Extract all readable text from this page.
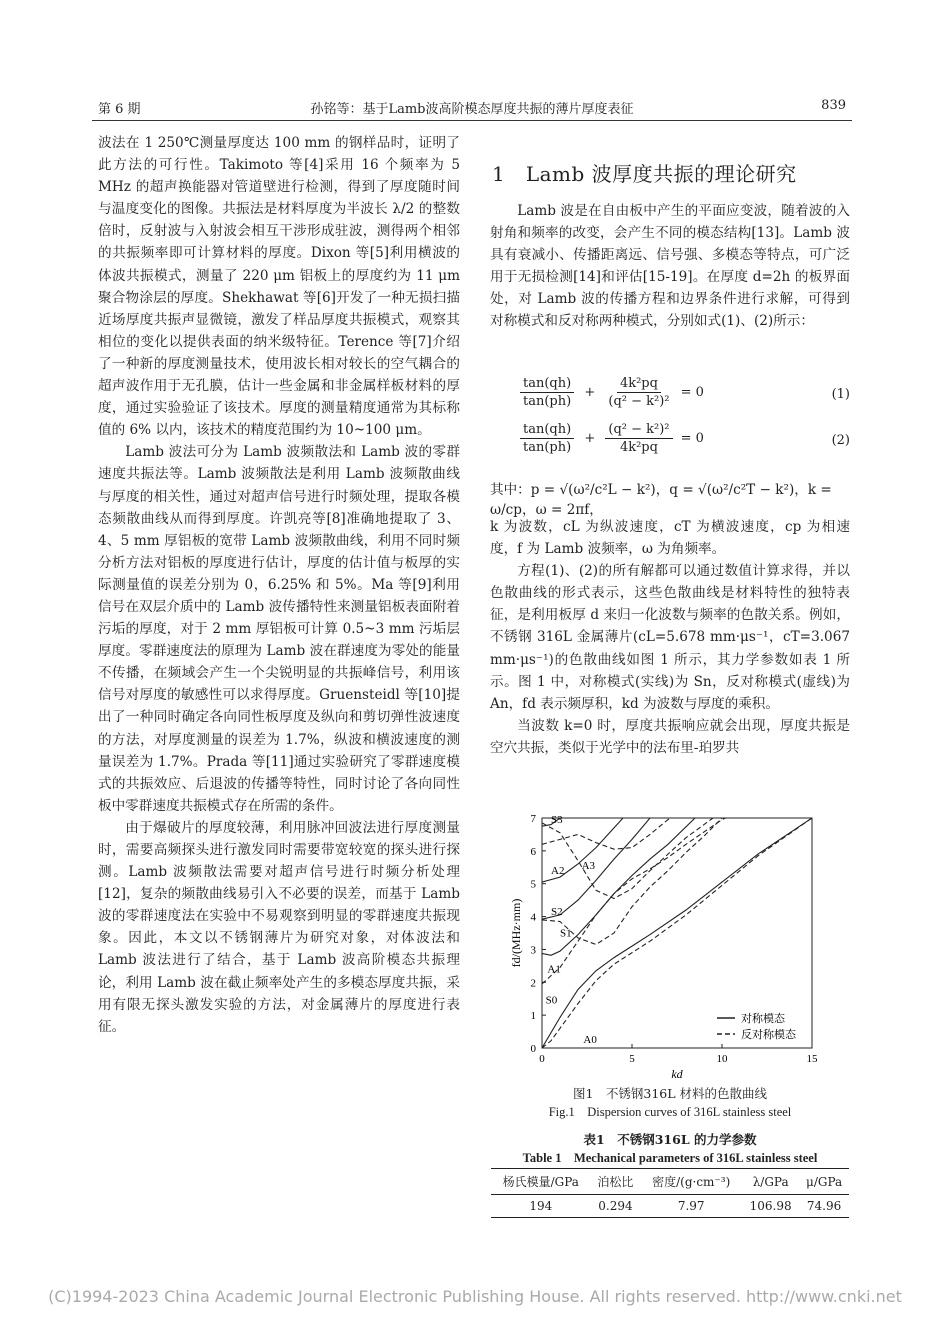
第 6 期	孙铭等：基于Lamb波高阶模态厚度共振的薄片厚度表征	839

波法在 1 250℃测量厚度达 100 mm 的钢样品时，证明了此方法的可行性。Takimoto 等[4]采用 16 个频率为 5 MHz 的超声换能器对管道壁进行检测，得到了厚度随时间与温度变化的图像。共振法是材料厚度为半波长 λ/2 的整数倍时，反射波与入射波会相互干涉形成驻波，测得两个相邻的共振频率即可计算材料的厚度。Dixon 等[5]利用横波的体波共振模式，测量了 220 μm 铝板上的厚度约为 11 μm 聚合物涂层的厚度。Shekhawat 等[6]开发了一种无损扫描近场厚度共振声显微镜，激发了样品厚度共振模式，观察其相位的变化以提供表面的纳米级特征。Terence 等[7]介绍了一种新的厚度测量技术，使用波长相对较长的空气耦合的超声波作用于无孔膜，估计一些金属和非金属样板材料的厚度，通过实验验证了该技术。厚度的测量精度通常为其标称值的 6% 以内，该技术的精度范围约为 10~100 μm。

Lamb 波法可分为 Lamb 波频散法和 Lamb 波的零群速度共振法等。Lamb 波频散法是利用 Lamb 波频散曲线与厚度的相关性，通过对超声信号进行时频处理，提取各模态频散曲线从而得到厚度。许凯亮等[8]准确地提取了 3、4、5 mm 厚铝板的宽带 Lamb 波频散曲线，利用不同时频分析方法对铝板的厚度进行估计，厚度的估计值与板厚的实际测量值的误差分别为 0，6.25% 和 5%。Ma 等[9]利用信号在双层介质中的 Lamb 波传播特性来测量铝板表面附着污垢的厚度，对于 2 mm 厚铝板可计算 0.5~3 mm 污垢层厚度。零群速度法的原理为 Lamb 波在群速度为零处的能量不传播，在频域会产生一个尖锐明显的共振峰信号，利用该信号对厚度的敏感性可以求得厚度。Gruensteidl 等[10]提出了一种同时确定各向同性板厚度及纵向和剪切弹性波速度的方法，对厚度测量的误差为 1.7%，纵波和横波速度的测量误差为 1.7%。Prada 等[11]通过实验研究了零群速度模式的共振效应、后退波的传播等特性，同时讨论了各向同性板中零群速度共振模式存在所需的条件。

由于爆破片的厚度较薄，利用脉冲回波法进行厚度测量时，需要高频探头进行激发同时需要带宽较宽的探头进行探测。Lamb 波频散法需要对超声信号进行时频分析处理[12]，复杂的频散曲线易引入不必要的误差，而基于 Lamb 波的零群速度法在实验中不易观察到明显的零群速度共振现象。因此，本文以不锈钢薄片为研究对象，对体波法和 Lamb 波法进行了结合，基于 Lamb 波高阶模态共振理论，利用 Lamb 波在截止频率处产生的多模态厚度共振，采用有限无探头激发实验的方法，对金属薄片的厚度进行表征。

1 Lamb 波厚度共振的理论研究

Lamb 波是在自由板中产生的平面应变波，随着波的入射角和频率的改变，会产生不同的模态结构[13]。Lamb 波具有衰减小、传播距离远、信号强、多模态等特点，可广泛用于无损检测[14]和评估[15-19]。在厚度 d=2h 的板界面处，对 Lamb 波的传播方程和边界条件进行求解，可得到对称模式和反对称两种模式，分别如式(1)、(2)所示：

$\frac{\tan(qh)}{\tan(ph)} + \frac{\text{4k²pq}}{\text{(q² − k²)²}} = 0$	(1)
$\frac{\tan(qh)}{\tan(ph)} + \frac{\text{(q² − k²)²}}{\text{4k²pq}} = 0$	(2)
其中：p = √(ω²/c²L − k²)，q = √(ω²/c²T − k²)，k = ω/cp，ω = 2πf，

k 为波数，cL 为纵波速度，cT 为横波速度，cp 为相速度，f 为 Lamb 波频率，ω 为角频率。

方程(1)、(2)的所有解都可以通过数值计算求得，并以色散曲线的形式表示，这些色散曲线是材料特性的独特表征，是利用板厚 d 来归一化波数与频率的色散关系。例如，不锈钢 316L 金属薄片(cL=5.678 mm·μs⁻¹，cT=3.067 mm·μs⁻¹)的色散曲线如图 1 所示，其力学参数如表 1 所示。图 1 中，对称模式(实线)为 Sn，反对称模式(虚线)为 An，fd 表示频厚积，kd 为波数与厚度的乘积。

当波数 k=0 时，厚度共振响应就会出现，厚度共振是空穴共振，类似于光学中的法布里-珀罗共

0	5	10	15
0
1
2
3
4
5
6
7
kd
fd/(MHz·mm)
S3
A2 A3
S2
S1
A1
S0
A0
对称模态
反对称模态
图1　不锈钢316L 材料的色散曲线
Fig.1　Dispersion curves of 316L stainless steel
表1　不锈钢316L 的力学参数
Table 1　Mechanical parameters of 316L stainless steel
杨氏模量/GPa	泊松比	密度/(g·cm⁻³)	λ/GPa	μ/GPa
194	0.294	7.97	106.98	74.96
(C)1994-2023 China Academic Journal Electronic Publishing House. All rights reserved. http://www.cnki.net
